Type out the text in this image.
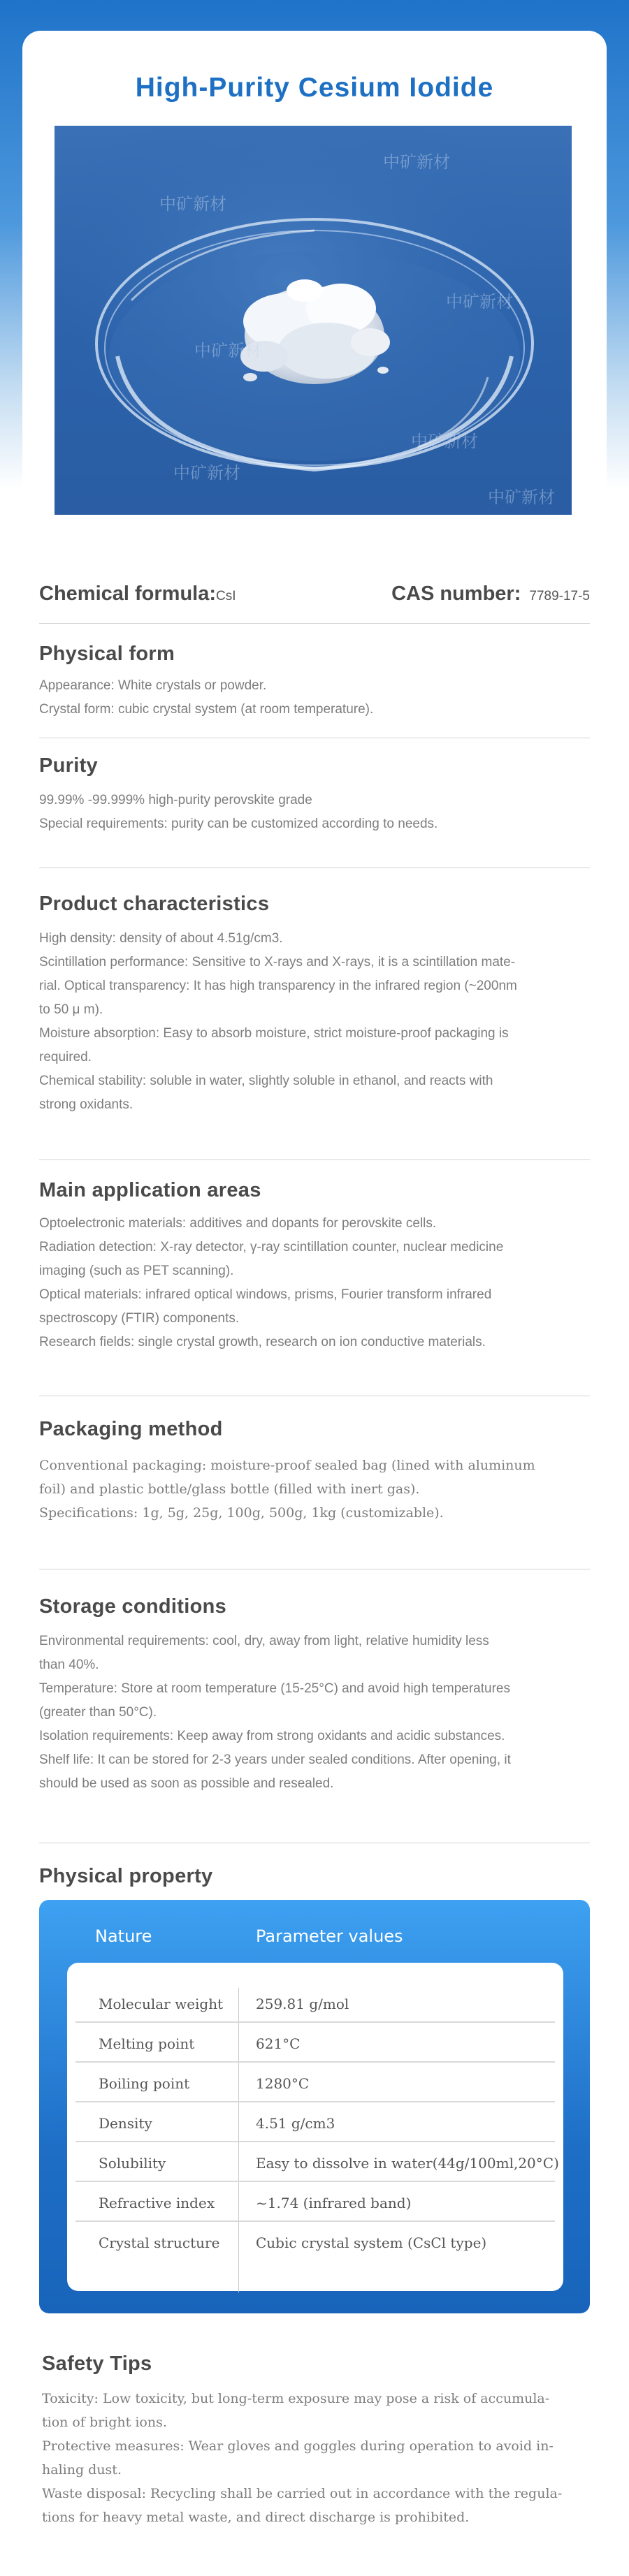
High-Purity Cesium Iodide
中矿新材
中矿新材
中矿新材
中矿新材
中矿新材
中矿新材
中矿新材
Chemical formula:CsI	CAS number: 7789-17-5
Physical form

Appearance: White crystals or powder.

Crystal form: cubic crystal system (at room temperature).

Purity

99.99% -99.999% high-purity perovskite grade

Special requirements: purity can be customized according to needs.

Product characteristics

High density: density of about 4.51g/cm3.

Scintillation performance: Sensitive to X-rays and X-rays, it is a scintillation mate-

rial. Optical transparency: It has high transparency in the infrared region (~200nm

to 50 μ m).

Moisture absorption: Easy to absorb moisture, strict moisture-proof packaging is

required.

Chemical stability: soluble in water, slightly soluble in ethanol, and reacts with

strong oxidants.

Main application areas

Optoelectronic materials: additives and dopants for perovskite cells.

Radiation detection: X-ray detector, γ-ray scintillation counter, nuclear medicine

imaging (such as PET scanning).

Optical materials: infrared optical windows, prisms, Fourier transform infrared

spectroscopy (FTIR) components.

Research fields: single crystal growth, research on ion conductive materials.

Packaging method

Conventional packaging: moisture-proof sealed bag (lined with aluminum

foil) and plastic bottle/glass bottle (filled with inert gas).

Specifications: 1g, 5g, 25g, 100g, 500g, 1kg (customizable).

Storage conditions

Environmental requirements: cool, dry, away from light, relative humidity less

than 40%.

Temperature: Store at room temperature (15-25°C) and avoid high temperatures

(greater than 50°C).

Isolation requirements: Keep away from strong oxidants and acidic substances.

Shelf life: It can be stored for 2-3 years under sealed conditions. After opening, it

should be used as soon as possible and resealed.

Physical property
Nature	Parameter values
Molecular weight 259.81 g/mol
Melting point	621°C
Boiling point	1280°C
Density	4.51 g/cm3
Solubility	Easy to dissolve in water(44g/100ml,20°C)
Refractive index	~1.74 (infrared band)
Crystal structure	Cubic crystal system (CsCl type)
Safety Tips

Toxicity: Low toxicity, but long-term exposure may pose a risk of accumula-

tion of bright ions.

Protective measures: Wear gloves and goggles during operation to avoid in-

haling dust.

Waste disposal: Recycling shall be carried out in accordance with the regula-

tions for heavy metal waste, and direct discharge is prohibited.
